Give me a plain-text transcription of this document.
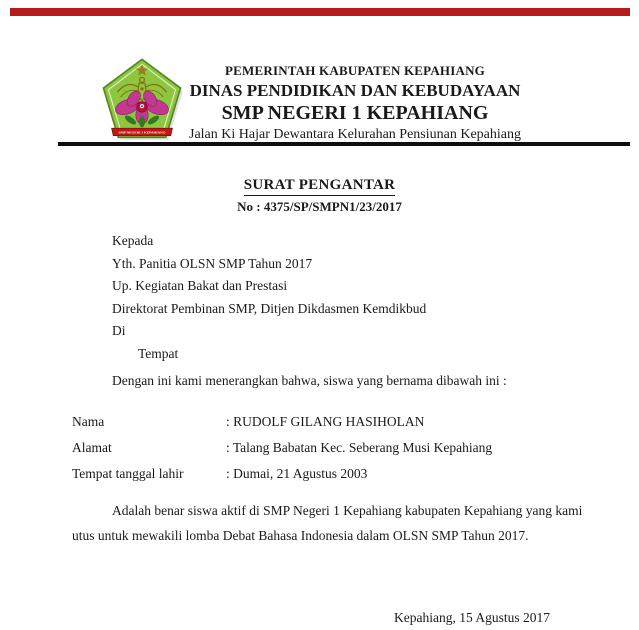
SMP NEGERI 1 KEPAHIANG
PEMERINTAH KABUPATEN KEPAHIANG
DINAS PENDIDIKAN DAN KEBUDAYAAN
SMP NEGERI 1 KEPAHIANG
Jalan Ki Hajar Dewantara Kelurahan Pensiunan Kepahiang
SURAT PENGANTAR
No : 4375/SP/SMPN1/23/2017
Kepada
Yth. Panitia OLSN SMP Tahun 2017
Up. Kegiatan Bakat dan Prestasi
Direktorat Pembinan SMP, Ditjen Dikdasmen Kemdikbud
Di
Tempat
Dengan ini kami menerangkan bahwa, siswa yang bernama dibawah ini :
Nama	: RUDOLF GILANG HASIHOLAN
Alamat	: Talang Babatan Kec. Seberang Musi Kepahiang
Tempat tanggal lahir	: Dumai, 21 Agustus 2003
Adalah benar siswa aktif di SMP Negeri 1 Kepahiang kabupaten Kepahiang yang kami
utus untuk mewakili lomba Debat Bahasa Indonesia dalam OLSN SMP Tahun 2017.
Kepahiang, 15 Agustus 2017
